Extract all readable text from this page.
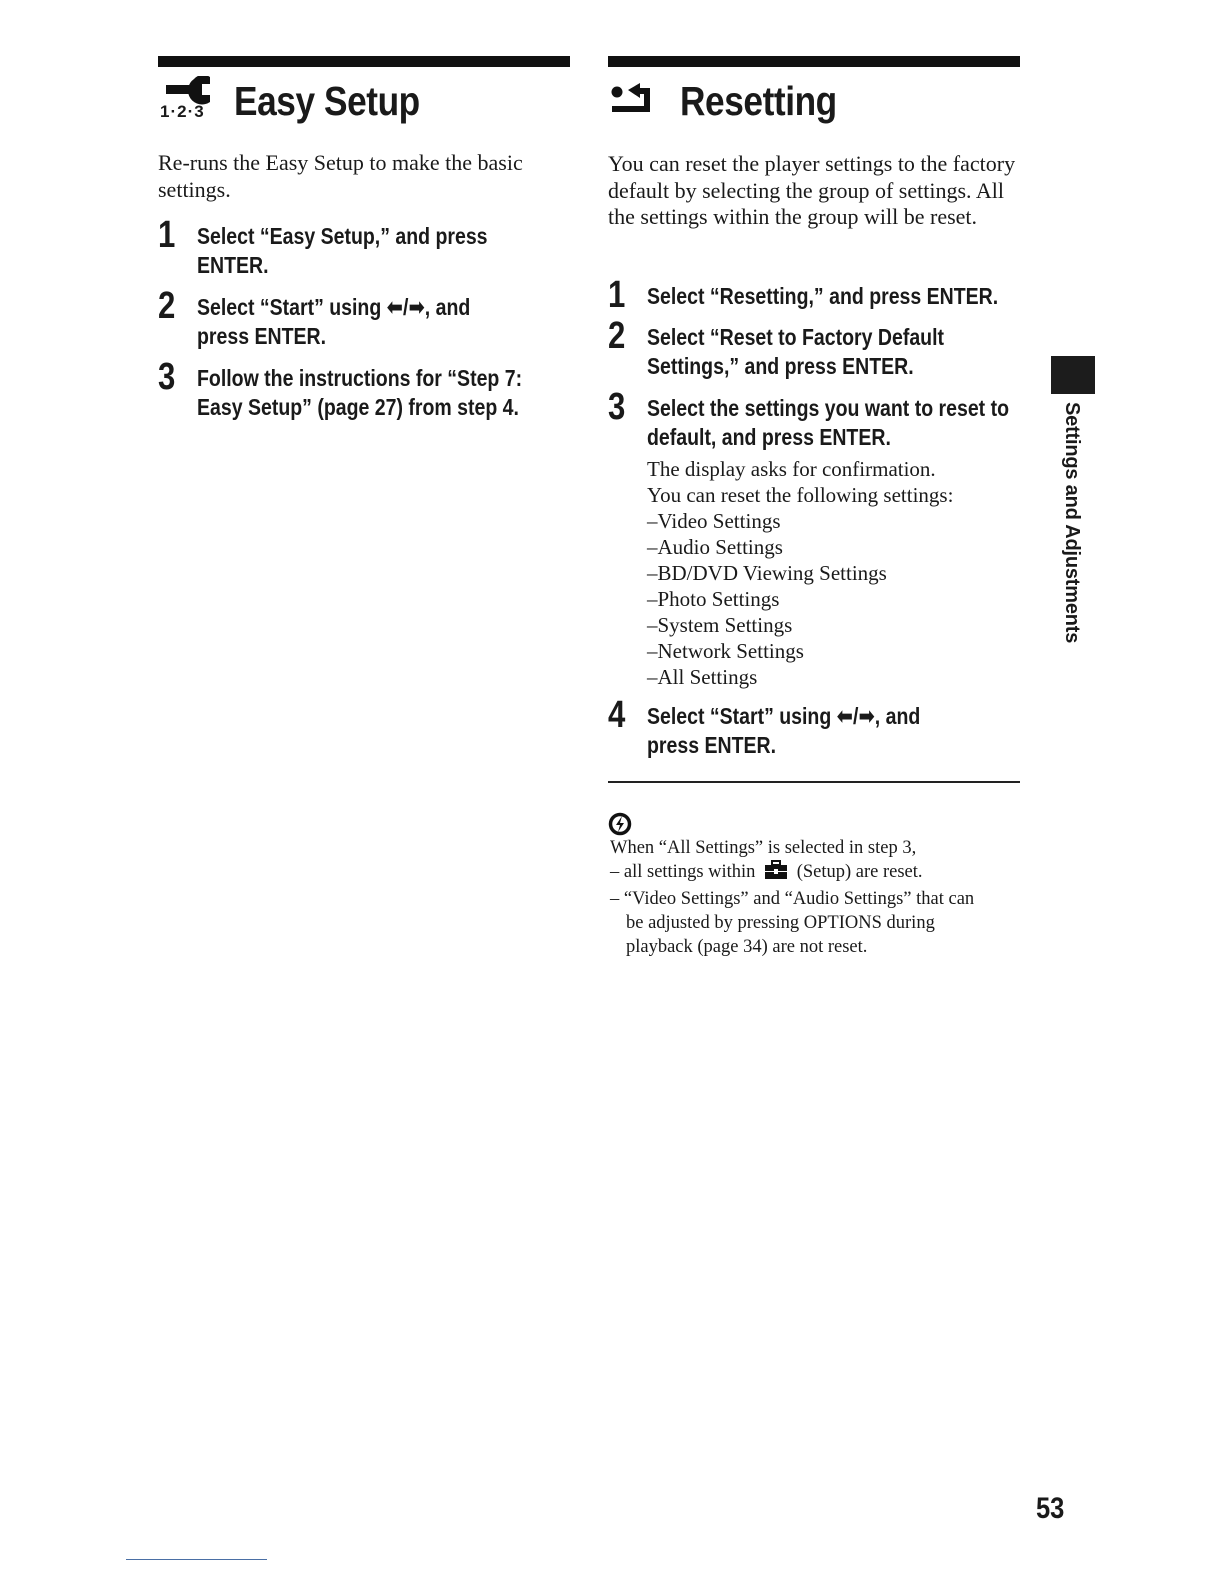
1·2·3 Easy Setup
Re-runs the Easy Setup to make the basic settings.
1 Select “Easy Setup,” and press
ENTER.
2 Select “Start” using ⬅/➡, and
press ENTER.
3 Follow the instructions for “Step 7:
Easy Setup” (page 27) from step 4.
Resetting
You can reset the player settings to the factory default by selecting the group of settings. All the settings within the group will be reset.
1 Select “Resetting,” and press ENTER.
2 Select “Reset to Factory Default
Settings,” and press ENTER.
3 Select the settings you want to reset to
default, and press ENTER.
The display asks for confirmation.
You can reset the following settings:
–Video Settings
–Audio Settings
–BD/DVD Viewing Settings
–Photo Settings
–System Settings
–Network Settings
–All Settings
4 Select “Start” using ⬅/➡, and
press ENTER.
When “All Settings” is selected in step 3,
– all settings within (Setup) are reset.
– “Video Settings” and “Audio Settings” that can
be adjusted by pressing OPTIONS during
playback (page 34) are not reset.
Settings and Adjustments
53
